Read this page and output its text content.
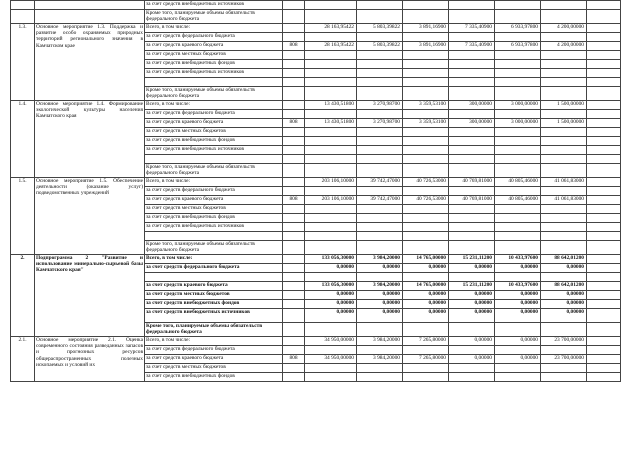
		за счет средств внебюджетных источников								
		Кроме того, планируемые объемы обязательств федерального бюджета								
1.3.	Основное мероприятие 1.3. Поддержка и развитие особо охраняемых природных территорий регионального значения в Камчатском крае	Всего, в том числе:		28 163,95422	5 803,39822	3 891,16900	7 335,40900	6 933,97800	4 200,00000	
		за счет средств федерального бюджета								
		за счет средств краевого бюджета	808	28 163,95422	5 803,39822	3 891,16900	7 335,40900	6 933,97800	4 200,00000	
		за счет средств местных бюджетов								
		за счет средств внебюджетных фондов								
		за счет средств внебюджетных источников								

		Кроме того, планируемые объемы обязательств федерального бюджета								
1.4.	Основное мероприятие 1.4. Формирование экологической культуры населения Камчатского края	Всего, в том числе:		13 430,51800	3 270,98700	3 359,53100	300,00000	3 000,00000	1 500,00000	
		за счет средств федерального бюджета								
		за счет средств краевого бюджета	808	13 430,51800	3 270,98700	3 359,53100	300,00000	3 000,00000	1 500,00000	
		за счет средств местных бюджетов								
		за счет средств внебюджетных фондов								
		за счет средств внебюджетных источников								

		Кроме того, планируемые объемы обязательств федерального бюджета								
1.5.	Основное мероприятие 1.5. Обеспечение деятельности (оказание услуг) подведомственных учреждений	Всего, в том числе:		203 106,10000	39 742,47000	40 726,53000	40 769,81000	40 805,46000	41 061,83000	
		за счет средств федерального бюджета								
		за счет средств краевого бюджета	808	203 106,10000	39 742,47000	40 726,53000	40 769,81000	40 805,46000	41 061,83000	
		за счет средств местных бюджетов								
		за счет средств внебюджетных фондов								
		за счет средств внебюджетных источников								

		Кроме того, планируемые объемы обязательств федерального бюджета								
2.	Подпрограмма 2 "Развитие и использование минерально-сырьевой базы Камчатского края"	Всего, в том числе:		133 056,30000	3 984,20000	14 765,00000	15 231,11200	10 433,97600	88 642,01200	
		за счет средств федерального бюджета		0,00000	0,00000	0,00000	0,00000	0,00000	0,00000	

		за счет средств краевого бюджета		133 056,30000	3 984,20000	14 765,00000	15 231,11200	10 433,97600	88 642,01200	
		за счет средств местных бюджетов		0,00000	0,00000	0,00000	0,00000	0,00000	0,00000	
		за счет средств внебюджетных фондов		0,00000	0,00000	0,00000	0,00000	0,00000	0,00000	
		за счет средств внебюджетных источников		0,00000	0,00000	0,00000	0,00000	0,00000	0,00000	
		Кроме того, планируемые объемы обязательств федерального бюджета								
2.1.	Основное мероприятие 2.1. Оценка современного состояния разведанных запасов и прогнозных ресурсов общераспространенных полезных ископаемых и условий их	Всего, в том числе:		34 950,00000	3 984,20000	7 265,80000	0,00000	0,00000	23 700,00000	
		за счет средств федерального бюджета								
		за счет средств краевого бюджета	808	34 950,00000	3 984,20000	7 265,80000	0,00000	0,00000	23 700,00000	
		за счет средств местных бюджетов								
		за счет средств внебюджетных фондов								
